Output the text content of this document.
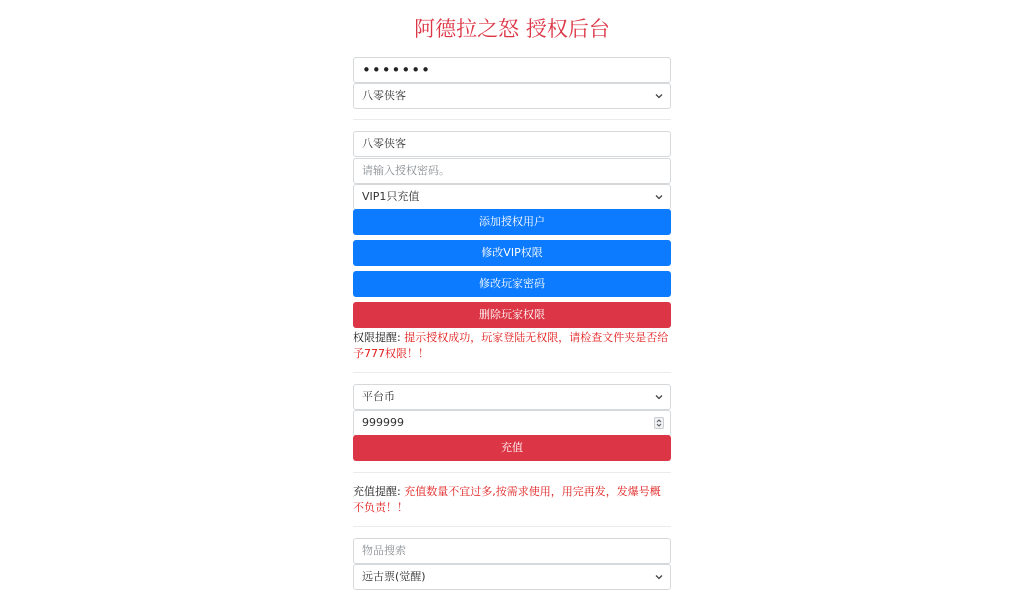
阿德拉之怒 授权后台
•••••••
八零侠客
八零侠客
请输入授权密码。
VIP1只充值
添加授权用户
修改VIP权限
修改玩家密码
删除玩家权限
权限提醒: 提示授权成功，玩家登陆无权限，请检查文件夹是否给予777权限！！
平台币
999999
充值
充值提醒: 充值数量不宜过多,按需求使用，用完再发，发爆号概不负责！！
物品搜索
远古票(觉醒)
